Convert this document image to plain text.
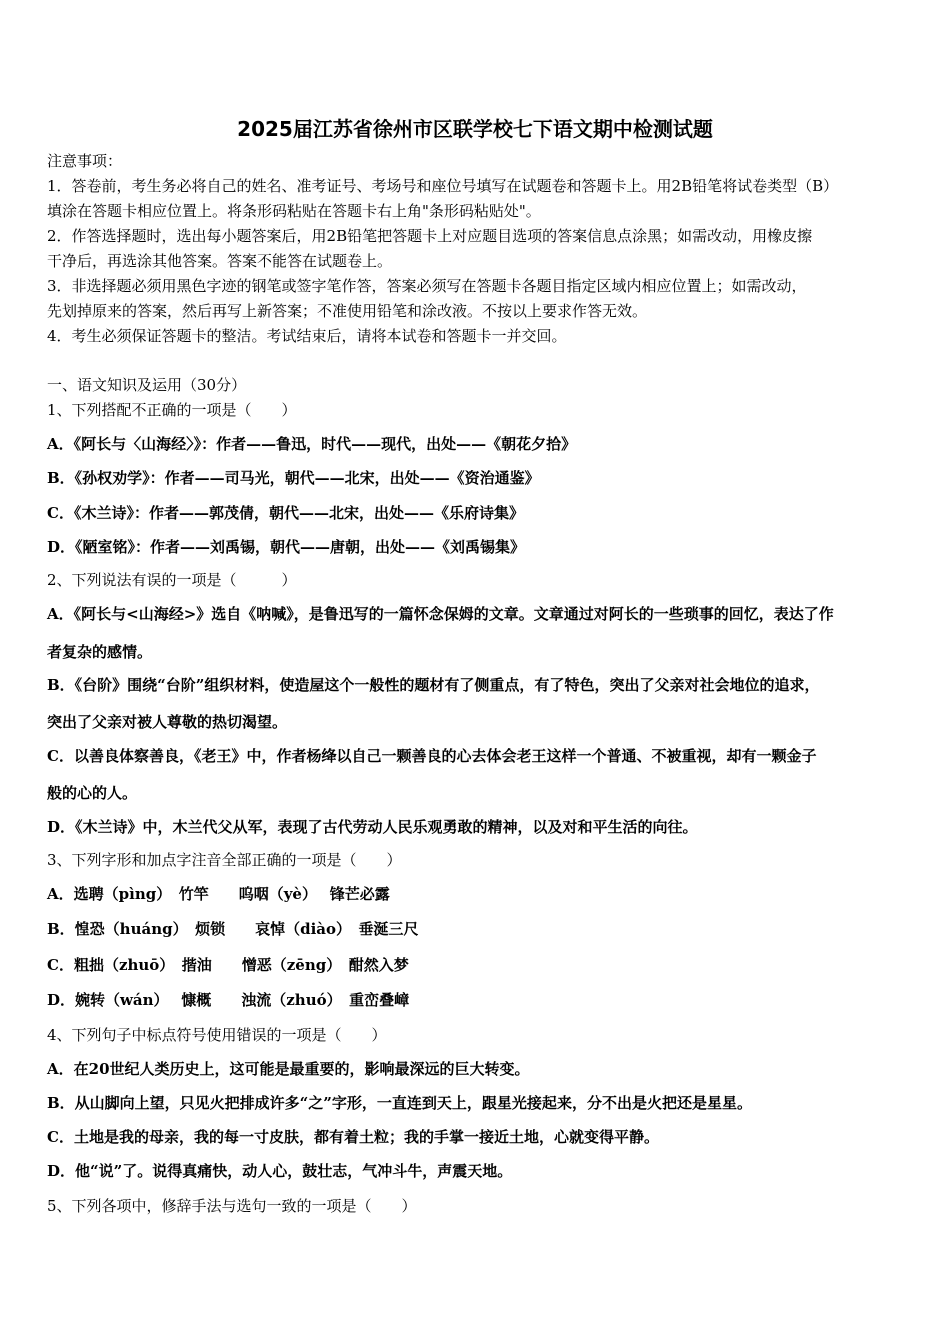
2025届江苏省徐州市区联学校七下语文期中检测试题
注意事项：
1．答卷前，考生务必将自己的姓名、准考证号、考场号和座位号填写在试题卷和答题卡上。用2B铅笔将试卷类型（B）
填涂在答题卡相应位置上。将条形码粘贴在答题卡右上角"条形码粘贴处"。
2．作答选择题时，选出每小题答案后，用2B铅笔把答题卡上对应题目选项的答案信息点涂黑；如需改动，用橡皮擦
干净后，再选涂其他答案。答案不能答在试题卷上。
3．非选择题必须用黑色字迹的钢笔或签字笔作答，答案必须写在答题卡各题目指定区域内相应位置上；如需改动，
先划掉原来的答案，然后再写上新答案；不准使用铅笔和涂改液。不按以上要求作答无效。
4．考生必须保证答题卡的整洁。考试结束后，请将本试卷和答题卡一并交回。
一、语文知识及运用（30分）
1、下列搭配不正确的一项是（　　）
A．《阿长与〈山海经〉》：作者——鲁迅，时代——现代，出处——《朝花夕拾》
B．《孙权劝学》：作者——司马光，朝代——北宋，出处——《资治通鉴》
C．《木兰诗》：作者——郭茂倩，朝代——北宋，出处——《乐府诗集》
D．《陋室铭》：作者——刘禹锡，朝代——唐朝，出处——《刘禹锡集》
2、下列说法有误的一项是（　　　）
A．《阿长与<山海经>》选自《呐喊》，是鲁迅写的一篇怀念保姆的文章。文章通过对阿长的一些琐事的回忆，表达了作
者复杂的感情。
B．《台阶》围绕“台阶”组织材料，使造屋这个一般性的题材有了侧重点，有了特色，突出了父亲对社会地位的追求，
突出了父亲对被人尊敬的热切渴望。
C．以善良体察善良，《老王》中，作者杨绛以自己一颗善良的心去体会老王这样一个普通、不被重视，却有一颗金子
般的心的人。
D．《木兰诗》中，木兰代父从军，表现了古代劳动人民乐观勇敢的精神，以及对和平生活的向往。
3、下列字形和加点字注音全部正确的一项是（　　）
A．选聘（pìng）　竹竿　　呜咽（yè）　 锋芒必露
B．惶恐（huáng）　烦锁　　哀悼（diào）　垂涎三尺
C．粗拙（zhuō）　揩油　　憎恶（zēng）　酣然入梦
D．婉转（wán）　 慷概　　浊流（zhuó）　重峦叠嶂
4、下列句子中标点符号使用错误的一项是（　　）
A．在20世纪人类历史上，这可能是最重要的，影响最深远的巨大转变。
B．从山脚向上望，只见火把排成许多“之”字形，一直连到天上，跟星光接起来，分不出是火把还是星星。
C．土地是我的母亲，我的每一寸皮肤，都有着土粒；我的手掌一接近土地，心就变得平静。
D．他“说”了。说得真痛快，动人心，鼓壮志，气冲斗牛，声震天地。
5、下列各项中，修辞手法与选句一致的一项是（　　）
